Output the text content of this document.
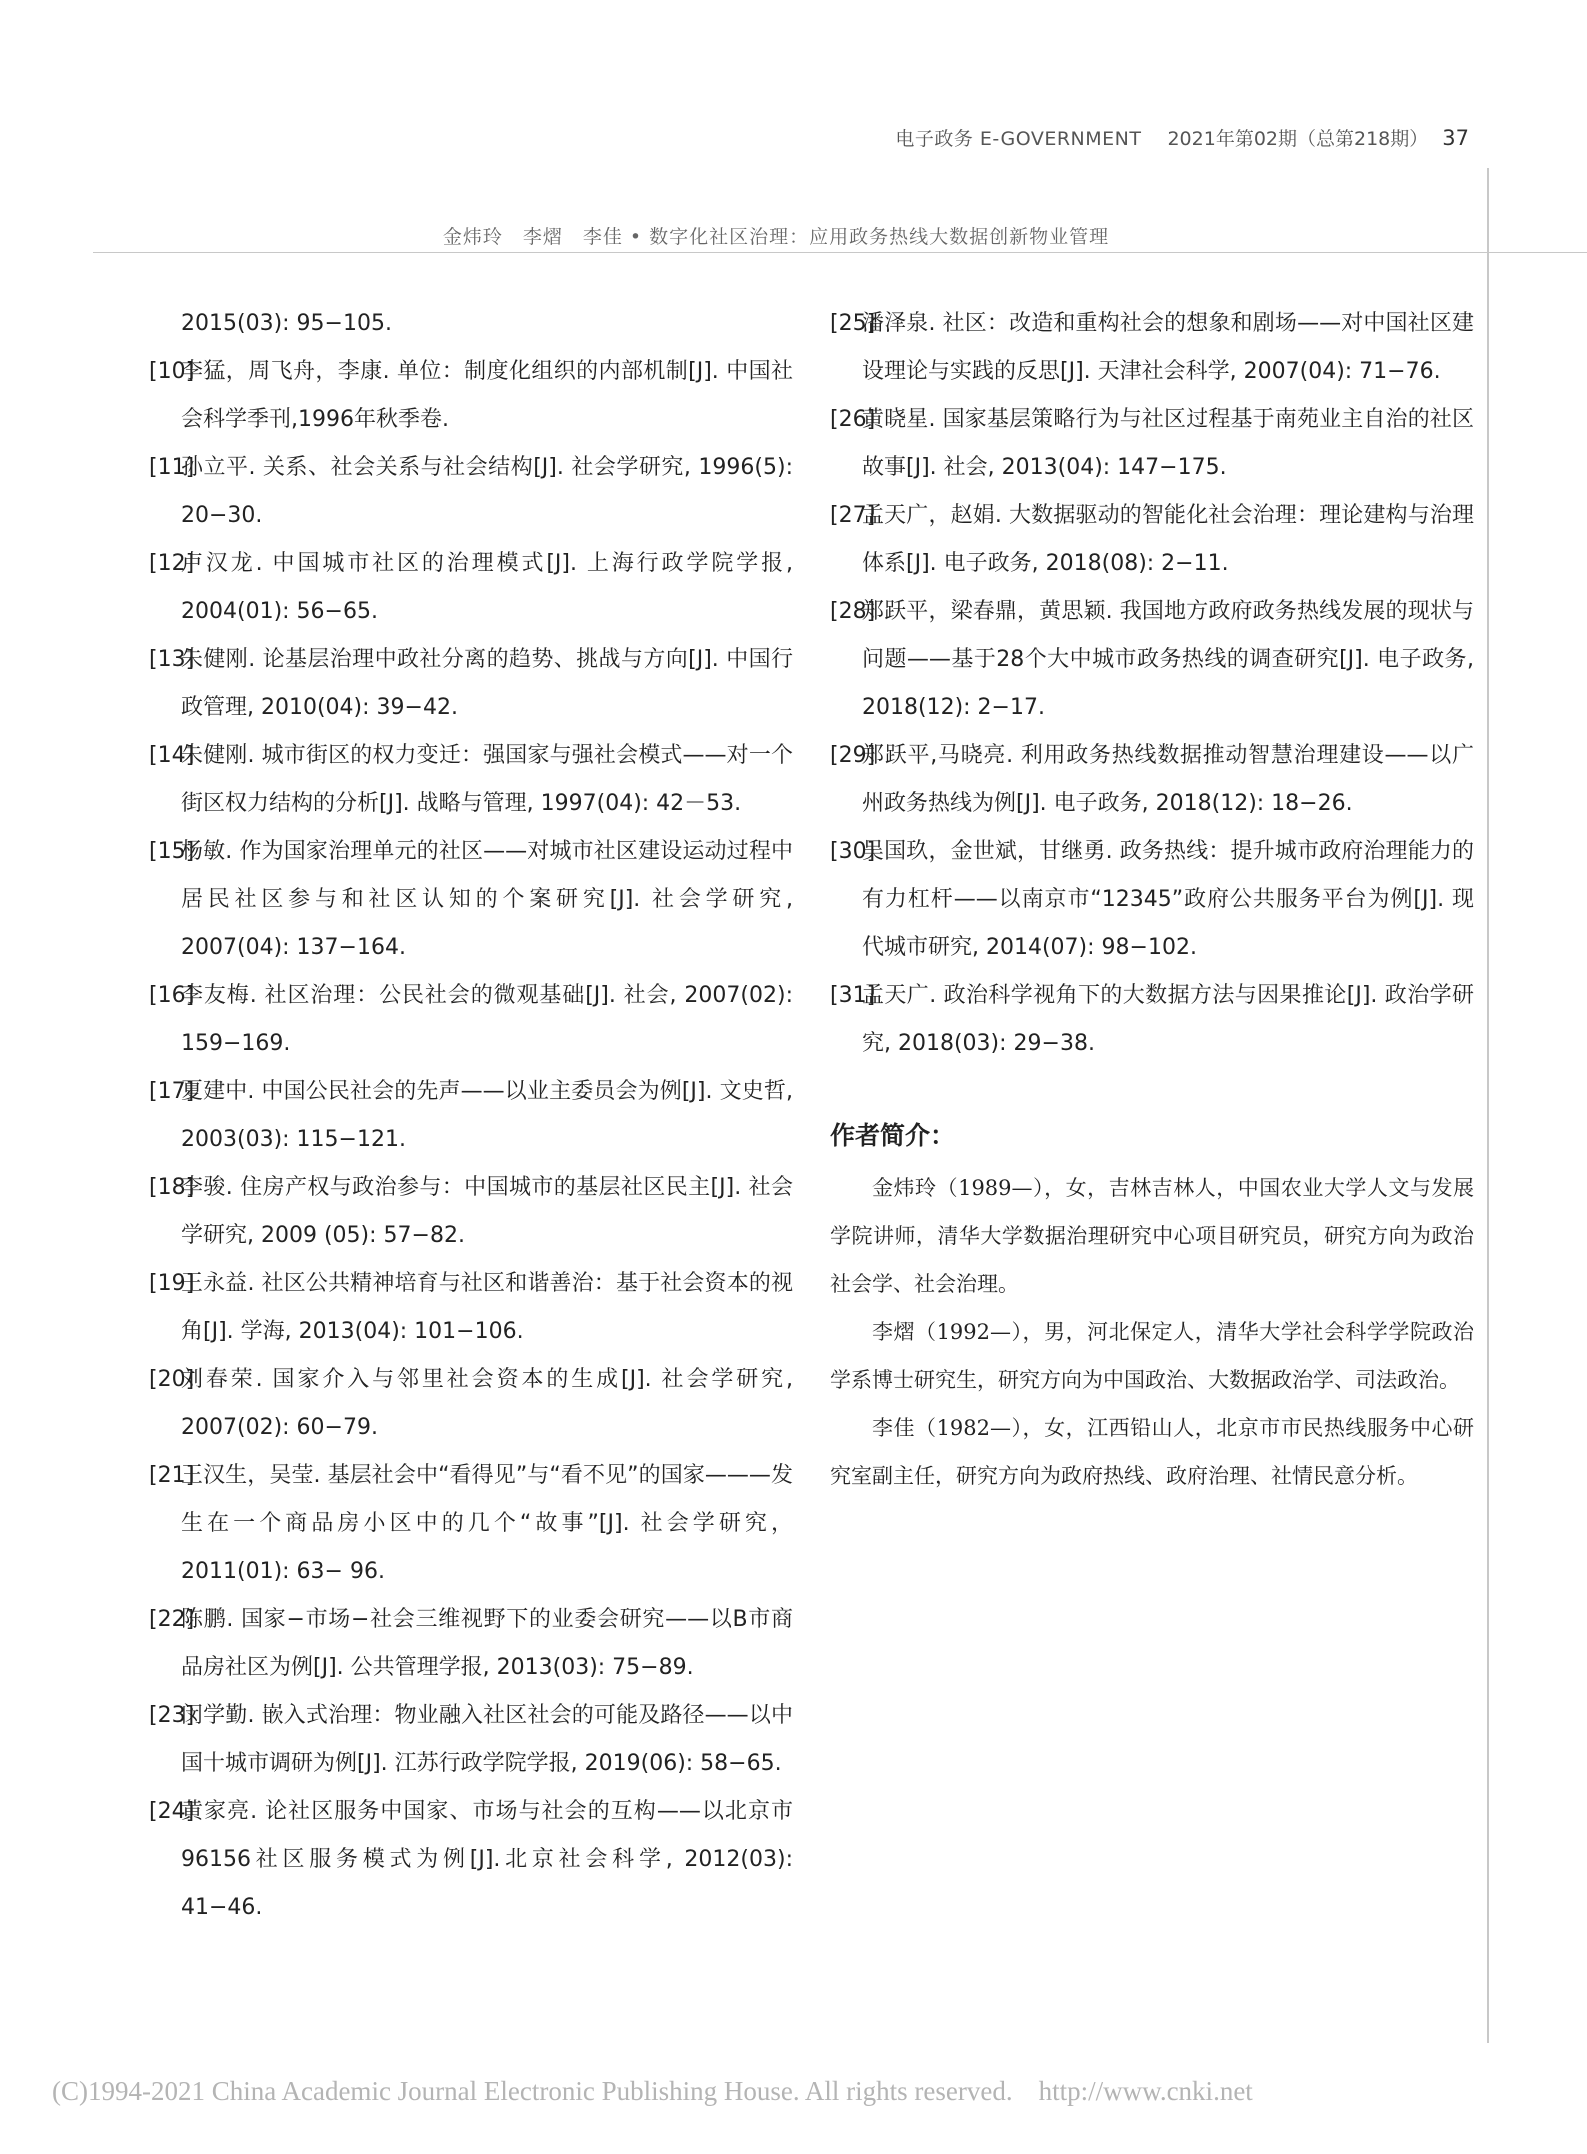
电子政务 E-GOVERNMENT 2021年第02期（总第218期） 37
金炜玲　李熠　李佳 • 数字化社区治理：应用政务热线大数据创新物业管理
2015(03): 95−105.
[10]
李猛，周飞舟，李康. 单位：制度化组织的内部机制[J]. 中国社会科学季刊,1996年秋季卷.
[11]
孙立平. 关系、社会关系与社会结构[J]. 社会学研究, 1996(5): 20−30.
[12]
卢汉龙. 中国城市社区的治理模式[J]. 上海行政学院学报, 2004(01): 56−65.
[13]
朱健刚. 论基层治理中政社分离的趋势、挑战与方向[J]. 中国行政管理, 2010(04): 39−42.
[14]
朱健刚. 城市街区的权力变迁：强国家与强社会模式——对一个街区权力结构的分析[J]. 战略与管理, 1997(04): 42－53.
[15]
杨敏. 作为国家治理单元的社区——对城市社区建设运动过程中居民社区参与和社区认知的个案研究[J]. 社会学研究, 2007(04): 137−164.
[16]
李友梅. 社区治理：公民社会的微观基础[J]. 社会, 2007(02): 159−169.
[17]
夏建中. 中国公民社会的先声——以业主委员会为例[J]. 文史哲, 2003(03): 115−121.
[18]
李骏. 住房产权与政治参与：中国城市的基层社区民主[J]. 社会学研究, 2009 (05): 57−82.
[19]
王永益. 社区公共精神培育与社区和谐善治：基于社会资本的视角[J]. 学海, 2013(04): 101−106.
[20]
刘春荣. 国家介入与邻里社会资本的生成[J]. 社会学研究, 2007(02): 60−79.
[21]
王汉生，吴莹. 基层社会中“看得见”与“看不见”的国家———发生在一个商品房小区中的几个“故事”[J]. 社会学研究，2011(01): 63− 96.
[22]
陈鹏. 国家−市场−社会三维视野下的业委会研究——以B市商品房社区为例[J]. 公共管理学报, 2013(03): 75−89.
[23]
闵学勤. 嵌入式治理：物业融入社区社会的可能及路径——以中国十城市调研为例[J]. 江苏行政学院学报, 2019(06): 58−65.
[24]
黄家亮. 论社区服务中国家、市场与社会的互构——以北京市96156社区服务模式为例[J].北京社会科学, 2012(03): 41−46.
[25]
潘泽泉. 社区：改造和重构社会的想象和剧场——对中国社区建设理论与实践的反思[J]. 天津社会科学, 2007(04): 71−76.
[26]
黄晓星. 国家基层策略行为与社区过程基于南苑业主自治的社区故事[J]. 社会, 2013(04): 147−175.
[27]
孟天广，赵娟. 大数据驱动的智能化社会治理：理论建构与治理体系[J]. 电子政务, 2018(08): 2−11.
[28]
郑跃平，梁春鼎，黄思颖. 我国地方政府政务热线发展的现状与问题——基于28个大中城市政务热线的调查研究[J]. 电子政务, 2018(12): 2−17.
[29]
郑跃平,马晓亮. 利用政务热线数据推动智慧治理建设——以广州政务热线为例[J]. 电子政务, 2018(12): 18−26.
[30]
吴国玖，金世斌，甘继勇. 政务热线：提升城市政府治理能力的有力杠杆——以南京市“12345”政府公共服务平台为例[J]. 现代城市研究, 2014(07): 98−102.
[31]
孟天广. 政治科学视角下的大数据方法与因果推论[J]. 政治学研究, 2018(03): 29−38.
作者简介：

金炜玲（1989—），女，吉林吉林人，中国农业大学人文与发展学院讲师，清华大学数据治理研究中心项目研究员，研究方向为政治社会学、社会治理。

李熠（1992—），男，河北保定人，清华大学社会科学学院政治学系博士研究生，研究方向为中国政治、大数据政治学、司法政治。

李佳（1982—），女，江西铅山人，北京市市民热线服务中心研究室副主任，研究方向为政府热线、政府治理、社情民意分析。

(C)1994-2021 China Academic Journal Electronic Publishing House. All rights reserved. http://www.cnki.net
